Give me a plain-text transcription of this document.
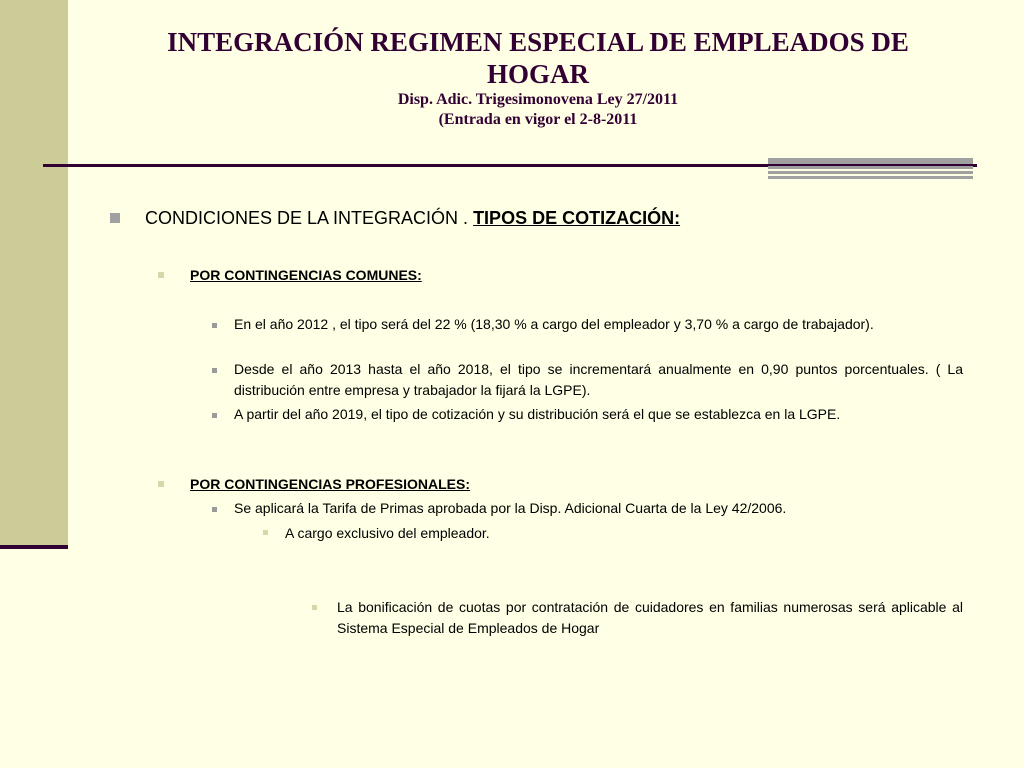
INTEGRACIÓN REGIMEN ESPECIAL DE EMPLEADOS DE
HOGAR
Disp. Adic. Trigesimonovena Ley 27/2011
(Entrada en vigor el 2-8-2011
CONDICIONES DE LA INTEGRACIÓN . TIPOS DE COTIZACIÓN:
POR CONTINGENCIAS COMUNES:
En el año 2012 , el tipo será del 22 % (18,30 % a cargo del empleador y 3,70 % a cargo de trabajador).
Desde el año 2013 hasta el año 2018, el tipo se incrementará anualmente en 0,90 puntos porcentuales. ( La distribución entre empresa y trabajador la fijará la LGPE).
A partir del año 2019, el tipo de cotización y su distribución será el que se establezca en la LGPE.
POR CONTINGENCIAS PROFESIONALES:
Se aplicará la Tarifa de Primas aprobada por la Disp. Adicional Cuarta de la Ley 42/2006.
A cargo exclusivo del empleador.
La bonificación de cuotas por contratación de cuidadores en familias numerosas será aplicable al Sistema Especial de Empleados de Hogar
